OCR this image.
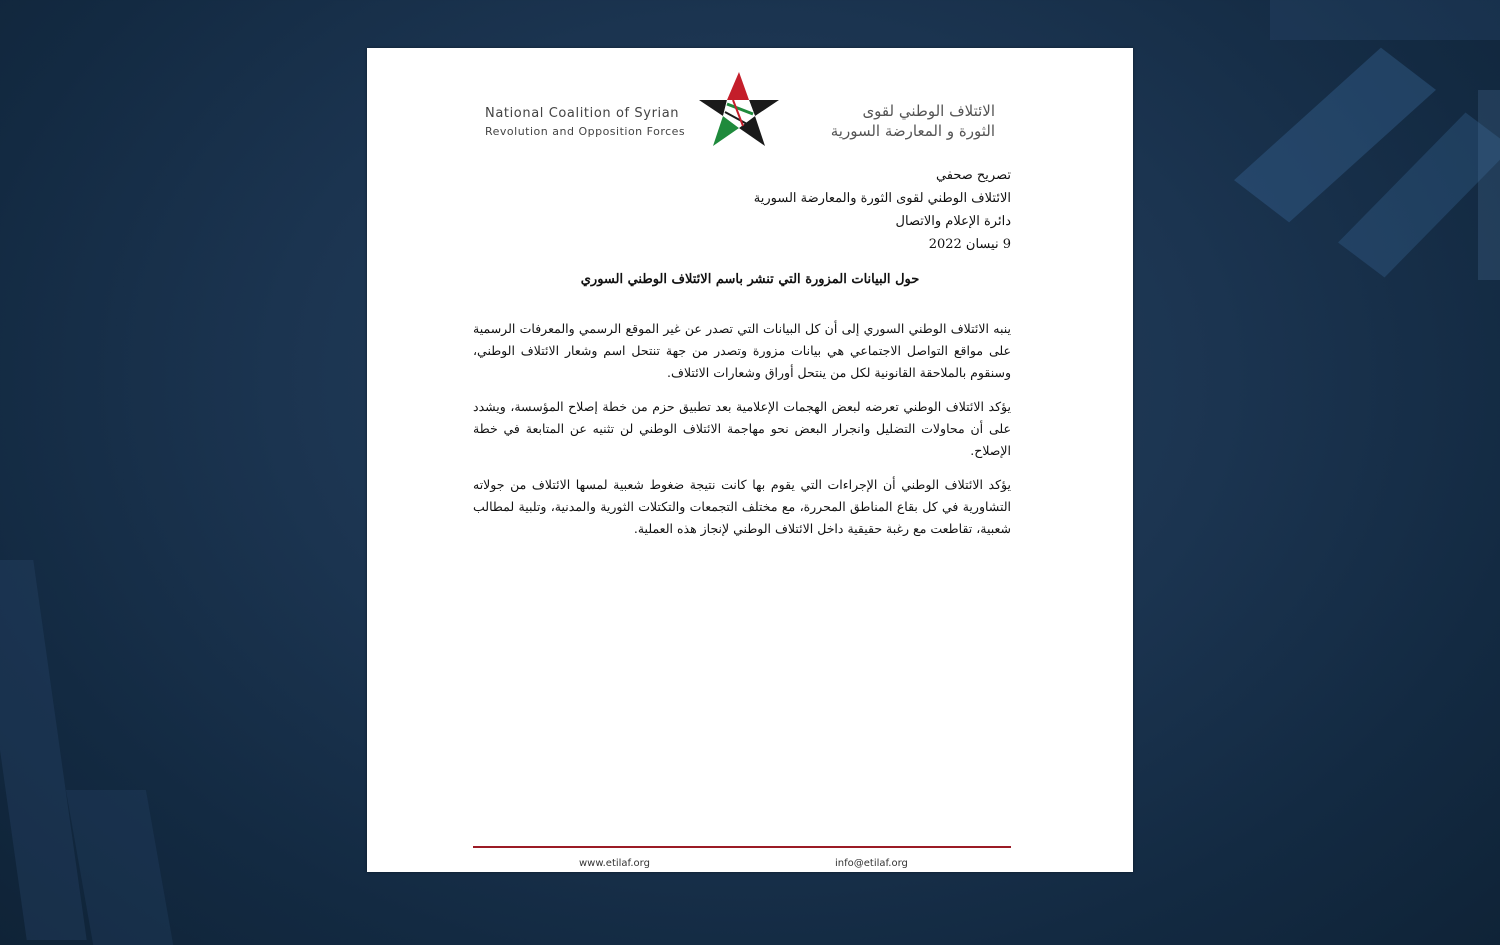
National Coalition of Syrian
Revolution and Opposition Forces
الائتلاف الوطني لقوى
الثورة و المعارضة السورية
تصريح صحفي
الائتلاف الوطني لقوى الثورة والمعارضة السورية
دائرة الإعلام والاتصال
9 نيسان 2022
حول البيانات المزورة التي تنشر باسم الائتلاف الوطني السوري

ينبه الائتلاف الوطني السوري إلى أن كل البيانات التي تصدر عن غير الموقع الرسمي والمعرفات الرسمية على مواقع التواصل الاجتماعي هي بيانات مزورة وتصدر من جهة تنتحل اسم وشعار الائتلاف الوطني، وسنقوم بالملاحقة القانونية لكل من ينتحل أوراق وشعارات الائتلاف.

يؤكد الائتلاف الوطني تعرضه لبعض الهجمات الإعلامية بعد تطبيق حزم من خطة إصلاح المؤسسة، ويشدد على أن محاولات التضليل وانجرار البعض نحو مهاجمة الائتلاف الوطني لن تثنيه عن المتابعة في خطة الإصلاح.

يؤكد الائتلاف الوطني أن الإجراءات التي يقوم بها كانت نتيجة ضغوط شعبية لمسها الائتلاف من جولاته التشاورية في كل بقاع المناطق المحررة، مع مختلف التجمعات والتكتلات الثورية والمدنية، وتلبية لمطالب شعبية، تقاطعت مع رغبة حقيقية داخل الائتلاف الوطني لإنجاز هذه العملية.

www.etilaf.org	info@etilaf.org
